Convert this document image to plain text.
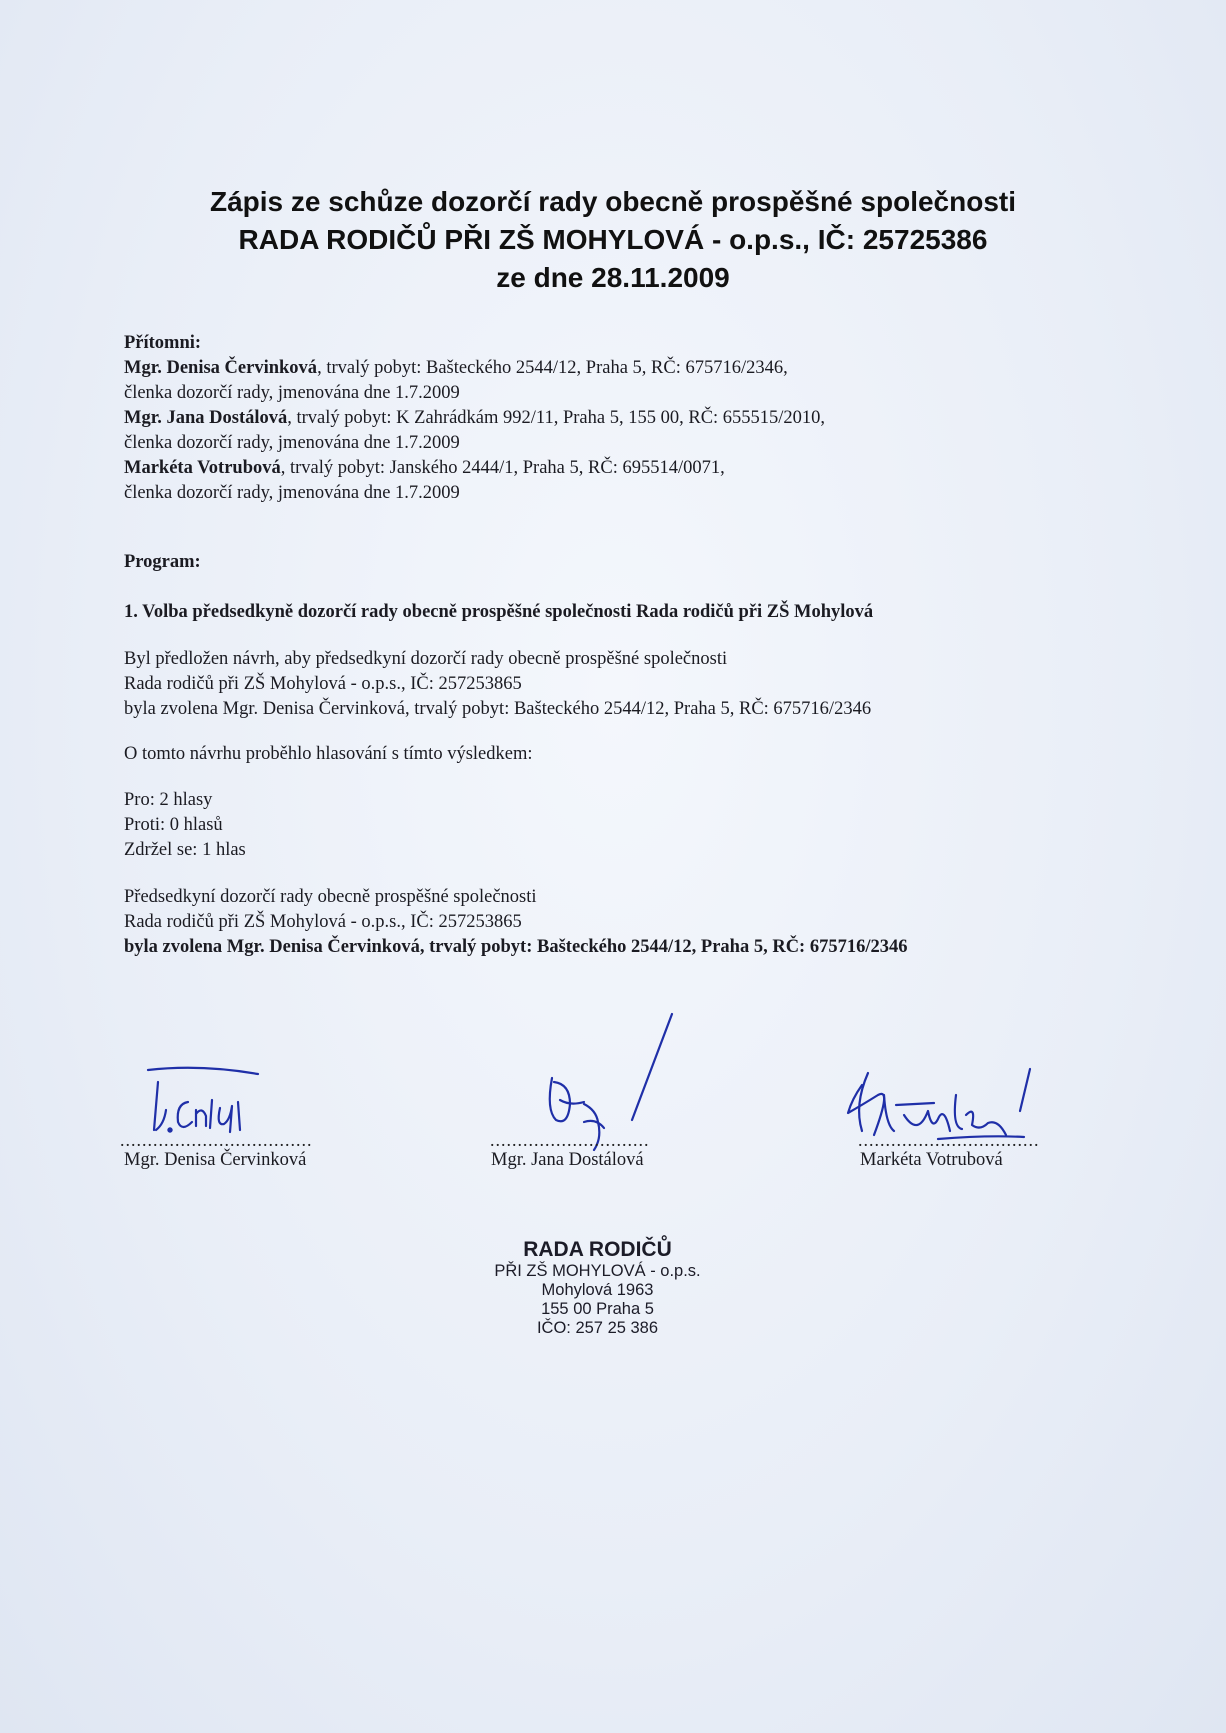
Zápis ze schůze dozorčí rady obecně prospěšné společnosti
RADA RODIČŮ PŘI ZŠ MOHYLOVÁ - o.p.s., IČ: 25725386
ze dne 28.11.2009
Přítomni:
Mgr. Denisa Červinková, trvalý pobyt: Bašteckého 2544/12, Praha 5, RČ: 675716/2346,
členka dozorčí rady, jmenována dne 1.7.2009
Mgr. Jana Dostálová, trvalý pobyt: K Zahrádkám 992/11, Praha 5, 155 00, RČ: 655515/2010,
členka dozorčí rady, jmenována dne 1.7.2009
Markéta Votrubová, trvalý pobyt: Janského 2444/1, Praha 5, RČ: 695514/0071,
členka dozorčí rady, jmenována dne 1.7.2009
Program:
1. Volba předsedkyně dozorčí rady obecně prospěšné společnosti Rada rodičů při ZŠ Mohylová
Byl předložen návrh, aby předsedkyní dozorčí rady obecně prospěšné společnosti
Rada rodičů při ZŠ Mohylová - o.p.s., IČ: 257253865
byla zvolena Mgr. Denisa Červinková, trvalý pobyt: Bašteckého 2544/12, Praha 5, RČ: 675716/2346
O tomto návrhu proběhlo hlasování s tímto výsledkem:
Pro: 2 hlasy
Proti: 0 hlasů
Zdržel se: 1 hlas
Předsedkyní dozorčí rady obecně prospěšné společnosti
Rada rodičů při ZŠ Mohylová - o.p.s., IČ: 257253865
byla zvolena Mgr. Denisa Červinková, trvalý pobyt: Bašteckého 2544/12, Praha 5, RČ: 675716/2346
...................................
Mgr. Denisa Červinková
.............................
Mgr. Jana Dostálová
.................................
Markéta Votrubová
RADA RODIČŮ
PŘI ZŠ MOHYLOVÁ - o.p.s.
Mohylová 1963
155 00 Praha 5
IČO: 257 25 386
